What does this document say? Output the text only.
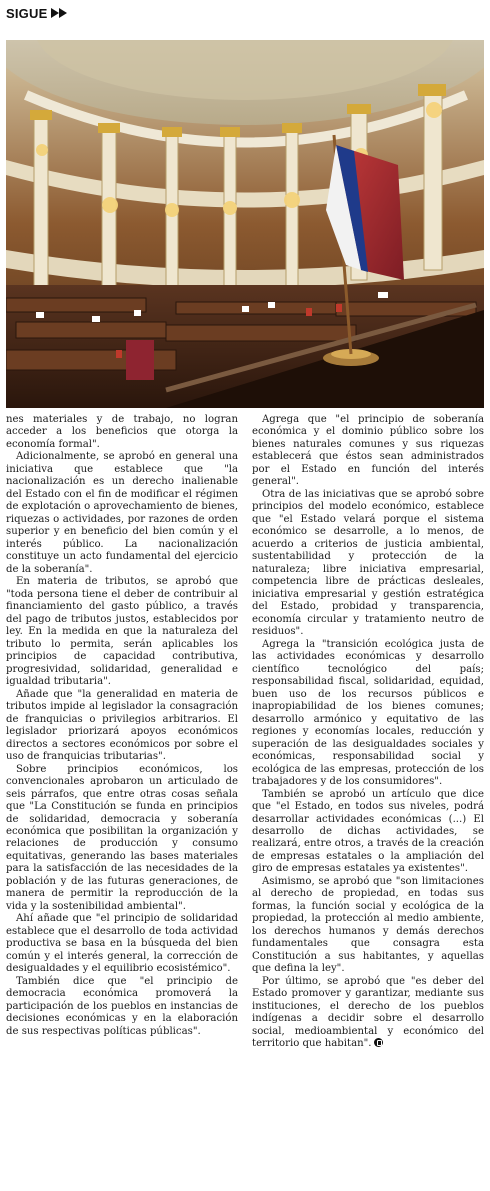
SIGUE

nes materiales y de trabajo, no logran acceder a los beneficios que otorga la economía formal".

Adicionalmente, se aprobó en general una iniciativa que establece que "la nacionalización es un derecho inalienable del Estado con el fin de modificar el régimen de explotación o aprovechamiento de bienes, riquezas o actividades, por razones de orden superior y en beneficio del bien común y el interés público. La nacionalización constituye un acto fundamental del ejercicio de la soberanía".

En materia de tributos, se aprobó que "toda persona tiene el deber de contribuir al financiamiento del gasto público, a través del pago de tributos justos, establecidos por ley. En la medida en que la naturaleza del tributo lo permita, serán aplicables los principios de capacidad contributiva, progresividad, solidaridad, generalidad e igualdad tributaria".

Añade que "la generalidad en materia de tributos impide al legislador la consagración de franquicias o privilegios arbitrarios. El legislador priorizará apoyos económicos directos a sectores económicos por sobre el uso de franquicias tributarias".

Sobre principios económicos, los convencionales aprobaron un articulado de seis párrafos, que entre otras cosas señala que "La Constitución se funda en principios de solidaridad, democracia y soberanía económica que posibilitan la organización y relaciones de producción y consumo equitativas, generando las bases materiales para la satisfacción de las necesidades de la población y de las futuras generaciones, de manera de permitir la reproducción de la vida y la sostenibilidad ambiental".

Ahí añade que "el principio de solidaridad establece que el desarrollo de toda actividad productiva se basa en la búsqueda del bien común y el interés general, la corrección de desigualdades y el equilibrio ecosistémico".

También dice que "el principio de democracia económica promoverá la participación de los pueblos en instancias de decisiones económicas y en la elaboración de sus respectivas políticas públicas".

Agrega que "el principio de soberanía económica y el dominio público sobre los bienes naturales comunes y sus riquezas establecerá que éstos sean administrados por el Estado en función del interés general".

Otra de las iniciativas que se aprobó sobre principios del modelo económico, establece que "el Estado velará porque el sistema económico se desarrolle, a lo menos, de acuerdo a criterios de justicia ambiental, sustentabilidad y protección de la naturaleza; libre iniciativa empresarial, competencia libre de prácticas desleales, iniciativa empresarial y gestión estratégica del Estado, probidad y transparencia, economía circular y tratamiento neutro de residuos".

Agrega la "transición ecológica justa de las actividades económicas y desarrollo científico tecnológico del país; responsabilidad fiscal, solidaridad, equidad, buen uso de los recursos públicos e inapropiabilidad de los bienes comunes; desarrollo armónico y equitativo de las regiones y economías locales, reducción y superación de las desigualdades sociales y económicas, responsabilidad social y ecológica de las empresas, protección de los trabajadores y de los consumidores".

También se aprobó un artículo que dice que "el Estado, en todos sus niveles, podrá desarrollar actividades económicas (...) El desarrollo de dichas actividades, se realizará, entre otros, a través de la creación de empresas estatales o la ampliación del giro de empresas estatales ya existentes".

Asimismo, se aprobó que "son limitaciones al derecho de propiedad, en todas sus formas, la función social y ecológica de la propiedad, la protección al medio ambiente, los derechos humanos y demás derechos fundamentales que consagra esta Constitución a sus habitantes, y aquellas que defina la ley".

Por último, se aprobó que "es deber del Estado promover y garantizar, mediante sus instituciones, el derecho de los pueblos indígenas a decidir sobre el desarrollo social, medioambiental y económico del territorio que habitan".
